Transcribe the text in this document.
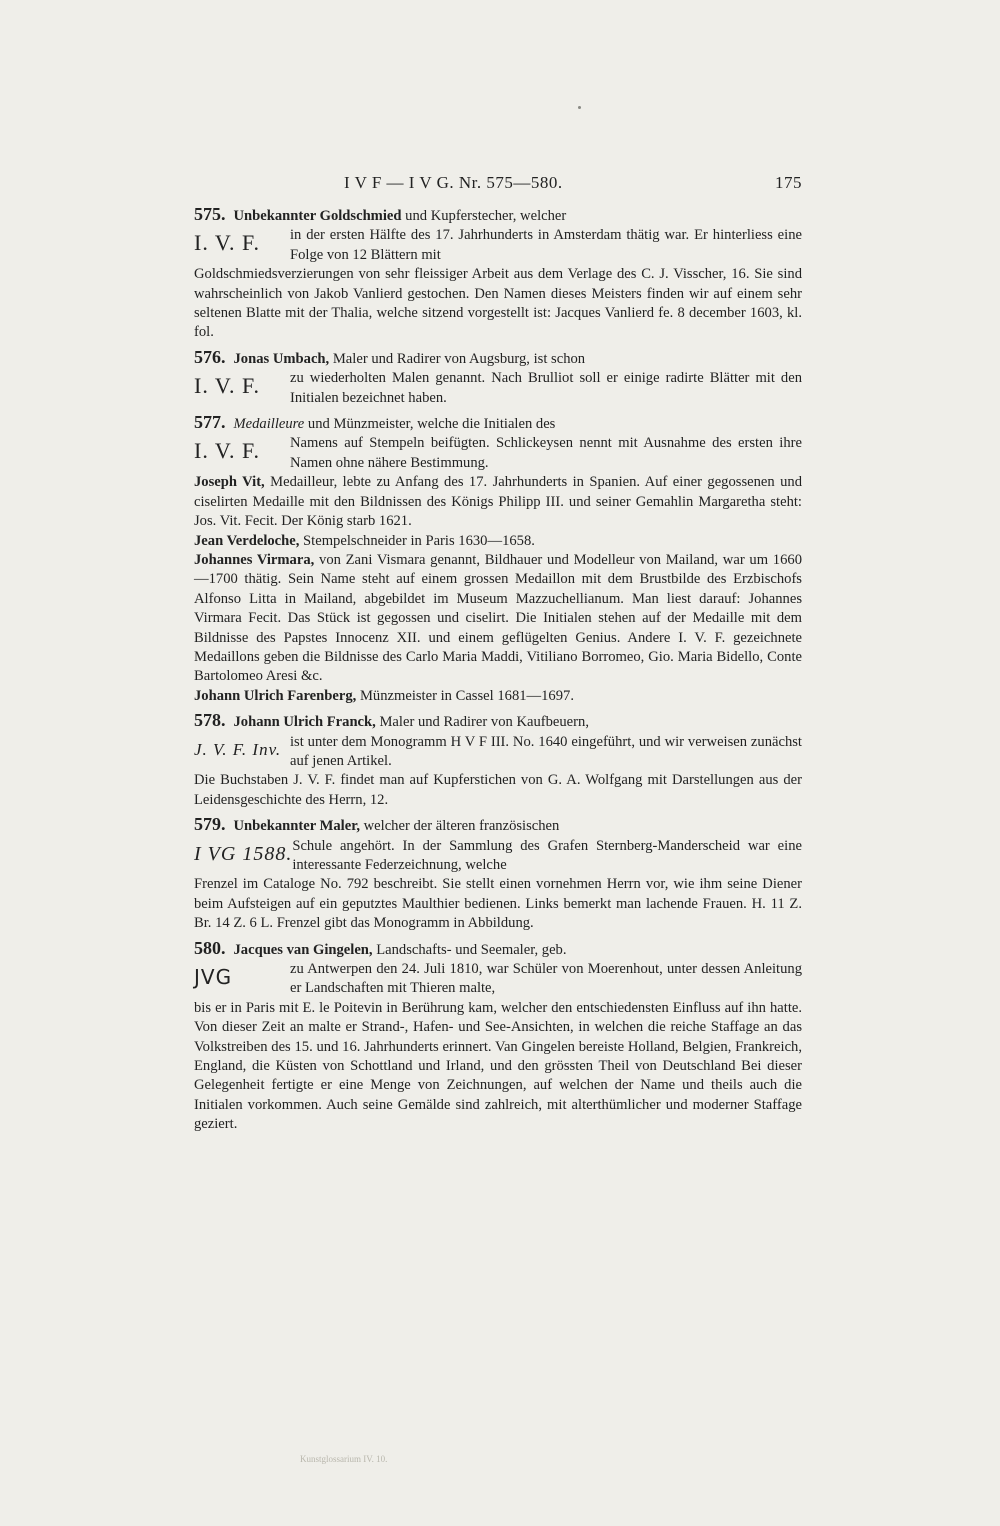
I V F — I V G. Nr. 575—580.	175
575. Unbekannter Goldschmied und Kupferstecher, welcher
I. V. F.	in der ersten Hälfte des 17. Jahrhunderts in Amsterdam thätig war. Er hinterliess eine Folge von 12 Blättern mit

Goldschmiedsverzierungen von sehr fleissiger Arbeit aus dem Verlage des C. J. Visscher, 16. Sie sind wahrscheinlich von Jakob Vanlierd gestochen. Den Namen dieses Meisters finden wir auf einem sehr seltenen Blatte mit der Thalia, welche sitzend vorgestellt ist: Jacques Vanlierd fe. 8 december 1603, kl. fol.

576. Jonas Umbach, Maler und Radirer von Augsburg, ist schon
I. V. F.	zu wiederholten Malen genannt. Nach Brulliot soll er einige radirte Blätter mit den Initialen bezeichnet haben.
577. Medailleure und Münzmeister, welche die Initialen des
I. V. F.	Namens auf Stempeln beifügten. Schlickeysen nennt mit Ausnahme des ersten ihre Namen ohne nähere Bestimmung.

Joseph Vit, Medailleur, lebte zu Anfang des 17. Jahrhunderts in Spanien. Auf einer gegossenen und ciselirten Medaille mit den Bildnissen des Königs Philipp III. und seiner Gemahlin Margaretha steht: Jos. Vit. Fecit. Der König starb 1621.

Jean Verdeloche, Stempelschneider in Paris 1630—1658.

Johannes Virmara, von Zani Vismara genannt, Bildhauer und Modelleur von Mailand, war um 1660—1700 thätig. Sein Name steht auf einem grossen Medaillon mit dem Brustbilde des Erzbischofs Alfonso Litta in Mailand, abgebildet im Museum Mazzuchellianum. Man liest darauf: Johannes Virmara Fecit. Das Stück ist gegossen und ciselirt. Die Initialen stehen auf der Medaille mit dem Bildnisse des Papstes Innocenz XII. und einem geflügelten Genius. Andere I. V. F. gezeichnete Medaillons geben die Bildnisse des Carlo Maria Maddi, Vitiliano Borromeo, Gio. Maria Bidello, Conte Bartolomeo Aresi &c.

Johann Ulrich Farenberg, Münzmeister in Cassel 1681—1697.

578. Johann Ulrich Franck, Maler und Radirer von Kaufbeuern,
J. V. F. Inv. ist unter dem Monogramm H V F III. No. 1640 eingeführt, und wir verweisen zunächst auf jenen Artikel.

Die Buchstaben J. V. F. findet man auf Kupferstichen von G. A. Wolfgang mit Darstellungen aus der Leidensgeschichte des Herrn, 12.

579. Unbekannter Maler, welcher der älteren französischen
I VG 1588. Schule angehört. In der Sammlung des Grafen Sternberg-Manderscheid war eine interessante Federzeichnung, welche

Frenzel im Cataloge No. 792 beschreibt. Sie stellt einen vornehmen Herrn vor, wie ihm seine Diener beim Aufsteigen auf ein geputztes Maulthier bedienen. Links bemerkt man lachende Frauen. H. 11 Z. Br. 14 Z. 6 L. Frenzel gibt das Monogramm in Abbildung.

580. Jacques van Gingelen, Landschafts- und Seemaler, geb.
JVG	zu Antwerpen den 24. Juli 1810, war Schüler von Moerenhout, unter dessen Anleitung er Landschaften mit Thieren malte,

bis er in Paris mit E. le Poitevin in Berührung kam, welcher den entschiedensten Einfluss auf ihn hatte. Von dieser Zeit an malte er Strand-, Hafen- und See-Ansichten, in welchen die reiche Staffage an das Volkstreiben des 15. und 16. Jahrhunderts erinnert. Van Gingelen bereiste Holland, Belgien, Frankreich, England, die Küsten von Schottland und Irland, und den grössten Theil von Deutschland Bei dieser Gelegenheit fertigte er eine Menge von Zeichnungen, auf welchen der Name und theils auch die Initialen vorkommen. Auch seine Gemälde sind zahlreich, mit alterthümlicher und moderner Staffage geziert.

Kunstglossarium IV. 10.
